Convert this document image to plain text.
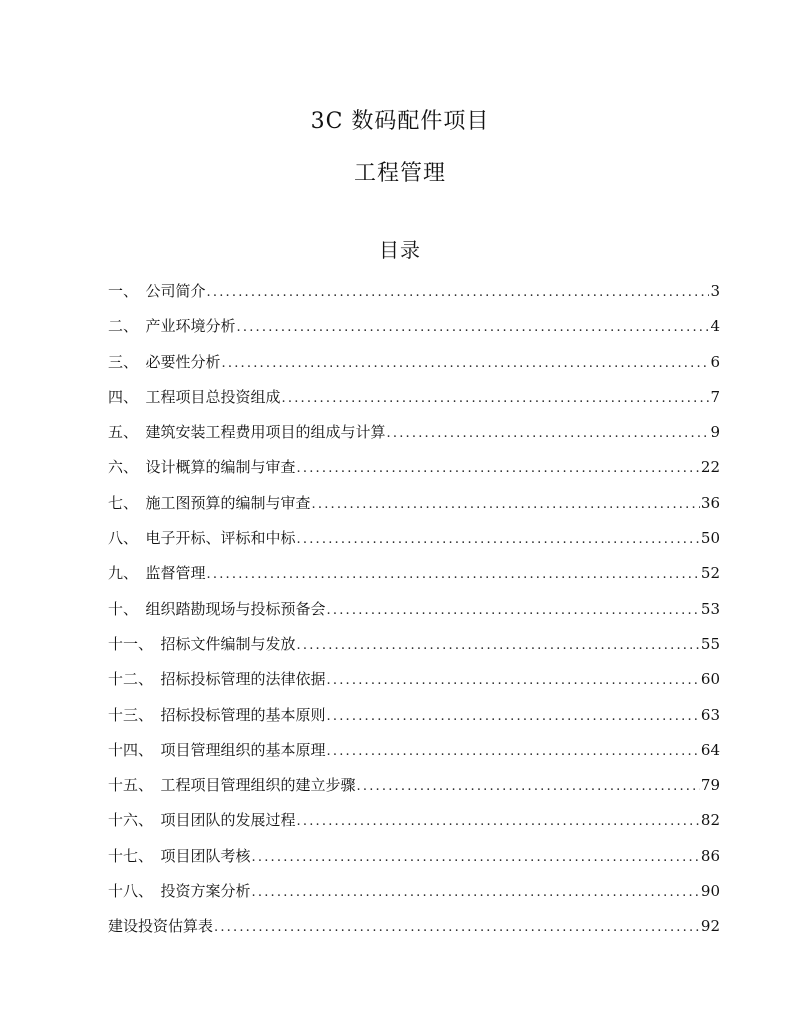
3C 数码配件项目
工程管理
目录
一、　 公司简介 .....	3
二、　 产业环境分析 .....	4
三、　 必要性分析 .....	6
四、　 工程项目总投资组成 .....	7
五、　 建筑安装工程费用项目的组成与计算 .....	9
六、　 设计概算的编制与审查 .....	22
七、　 施工图预算的编制与审查 .....	36
八、　 电子开标、评标和中标 .....	50
九、　 监督管理 .....	52
十、　 组织踏勘现场与投标预备会 .....	53
十一、　 招标文件编制与发放 .....	55
十二、　 招标投标管理的法律依据 .....	60
十三、　 招标投标管理的基本原则 .....	63
十四、　 项目管理组织的基本原理 .....	64
十五、　 工程项目管理组织的建立步骤 .....	79
十六、　 项目团队的发展过程 .....	82
十七、　 项目团队考核 .....	86
十八、　 投资方案分析 .....	90
建设投资估算表 .....	92
